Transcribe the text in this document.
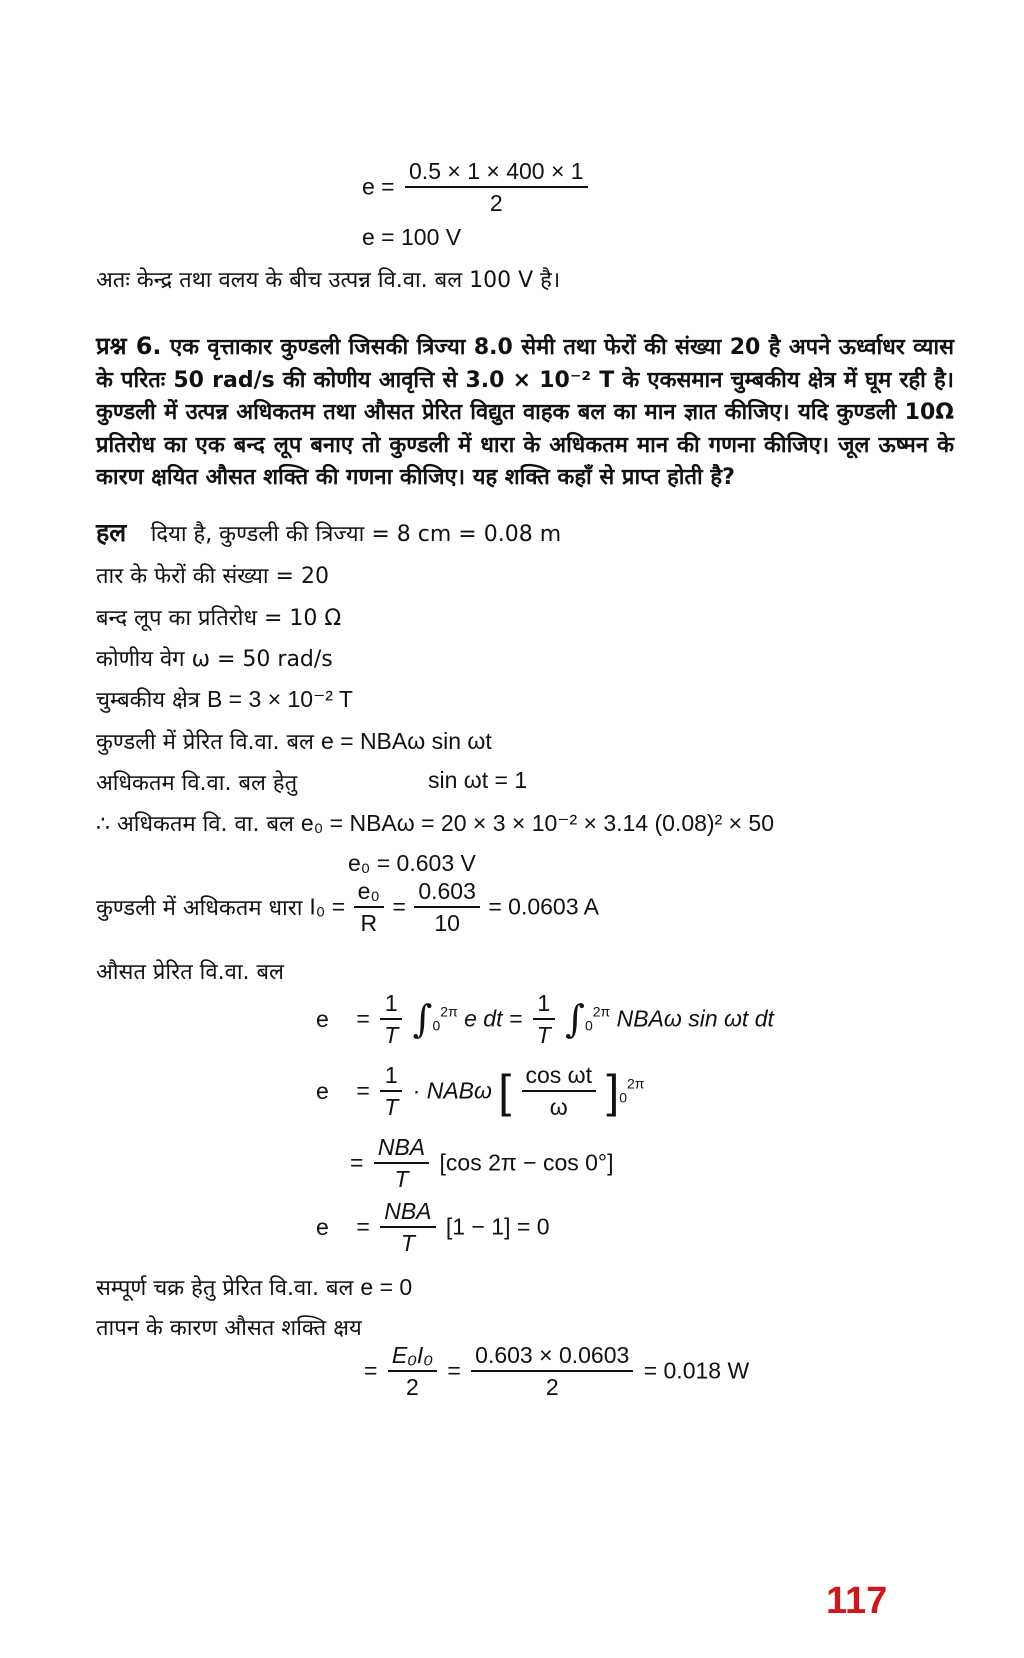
$e = \frac{0.5 \times 1 \times 400 \times 1}{2}$
e = 100 V
अतः केन्द्र तथा वलय के बीच उत्पन्न वि.वा. बल 100 V है।
प्रश्न 6. एक वृत्ताकार कुण्डली जिसकी त्रिज्या 8.0 सेमी तथा फेरों की संख्या 20 है अपने ऊर्ध्वाधर व्यास के परितः 50 rad/s की कोणीय आवृत्ति से 3.0 × 10⁻² T के एकसमान चुम्बकीय क्षेत्र में घूम रही है। कुण्डली में उत्पन्न अधिकतम तथा औसत प्रेरित विद्युत वाहक बल का मान ज्ञात कीजिए। यदि कुण्डली 10Ω प्रतिरोध का एक बन्द लूप बनाए तो कुण्डली में धारा के अधिकतम मान की गणना कीजिए। जूल ऊष्मन के कारण क्षयित औसत शक्ति की गणना कीजिए। यह शक्ति कहाँ से प्राप्त होती है?
हल दिया है, कुण्डली की त्रिज्या = 8 cm = 0.08 m
तार के फेरों की संख्या = 20
बन्द लूप का प्रतिरोध = 10 Ω
कोणीय वेग ω = 50 rad/s
चुम्बकीय क्षेत्र B = 3 × 10⁻² T
कुण्डली में प्रेरित वि.वा. बल e = NBAω sin ωt
अधिकतम वि.वा. बल हेतु	sin ωt = 1
∴ अधिकतम वि. वा. बल e₀ = NBAω = 20 × 3 × 10⁻² × 3.14 (0.08)² × 50
e₀ = 0.603 V
कुण्डली में अधिकतम धारा $I_0 = \frac{\text{e₀}}{R} = \frac{0.603}{10} = 0.0603$ A
औसत प्रेरित वि.वा. बल
$e = \frac{1}{T} \int_0^{2\pi}$ e dt = $\frac{1}{T} \int_0^{2\pi}$ NBAω sin ωt dt
$e = \frac{1}{T} \cdot NAB\omega$ [ $\frac{\text{cos ωt}}{\omega} ]_0^{2\pi}$
= $\frac{\text{NBA}}{T} [\cos$ 2π − cos 0°]
$e = \frac{\text{NBA}}{T} [1 - 1] = 0$
सम्पूर्ण चक्र हेतु प्रेरित वि.वा. बल e = 0
तापन के कारण औसत शक्ति क्षय
= $\frac{\text{E₀I₀}}{2} = \frac{0.603 \times 0.0603}{2} = 0.018$ W
117
